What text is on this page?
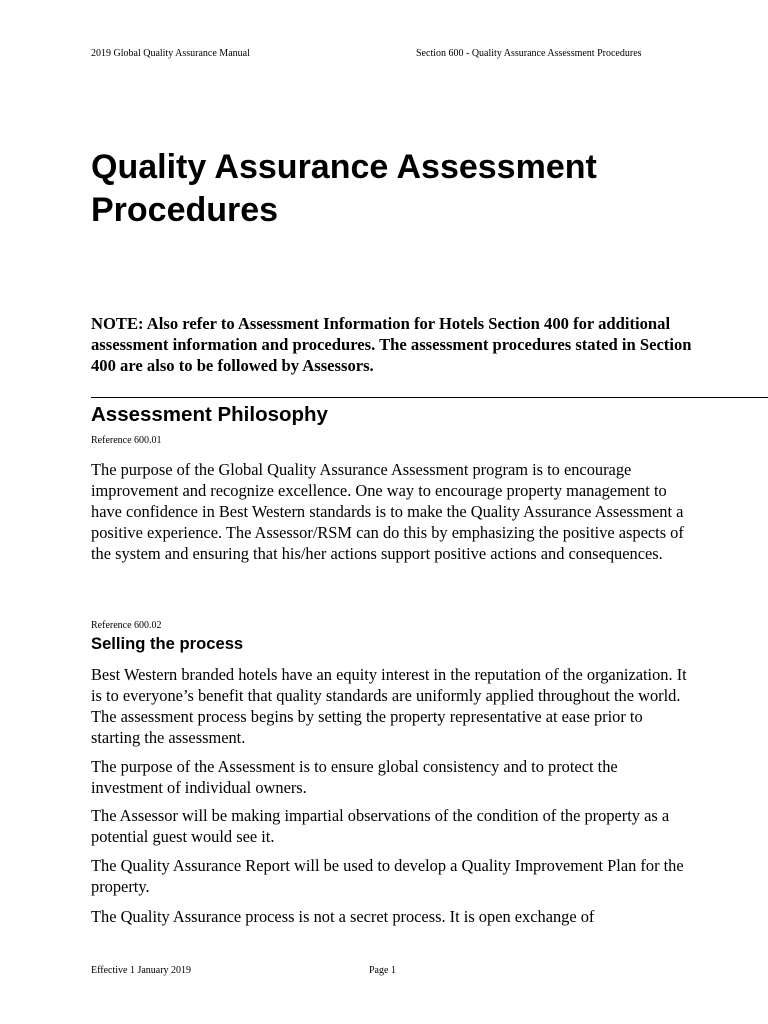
2019 Global Quality Assurance Manual	Section 600 - Quality Assurance Assessment Procedures
Quality Assurance Assessment Procedures
NOTE: Also refer to Assessment Information for Hotels Section 400 for additional assessment information and procedures. The assessment procedures stated in Section 400 are also to be followed by Assessors.
Assessment Philosophy
Reference 600.01
The purpose of the Global Quality Assurance Assessment program is to encourage improvement and recognize excellence. One way to encourage property management to have confidence in Best Western standards is to make the Quality Assurance Assessment a positive experience. The Assessor/RSM can do this by emphasizing the positive aspects of the system and ensuring that his/her actions support positive actions and consequences.
Reference 600.02
Selling the process
Best Western branded hotels have an equity interest in the reputation of the organization. It is to everyone’s benefit that quality standards are uniformly applied throughout the world. The assessment process begins by setting the property representative at ease prior to starting the assessment.
The purpose of the Assessment is to ensure global consistency and to protect the investment of individual owners.
The Assessor will be making impartial observations of the condition of the property as a potential guest would see it.
The Quality Assurance Report will be used to develop a Quality Improvement Plan for the property.
The Quality Assurance process is not a secret process. It is open exchange of
Effective 1 January 2019	Page 1
